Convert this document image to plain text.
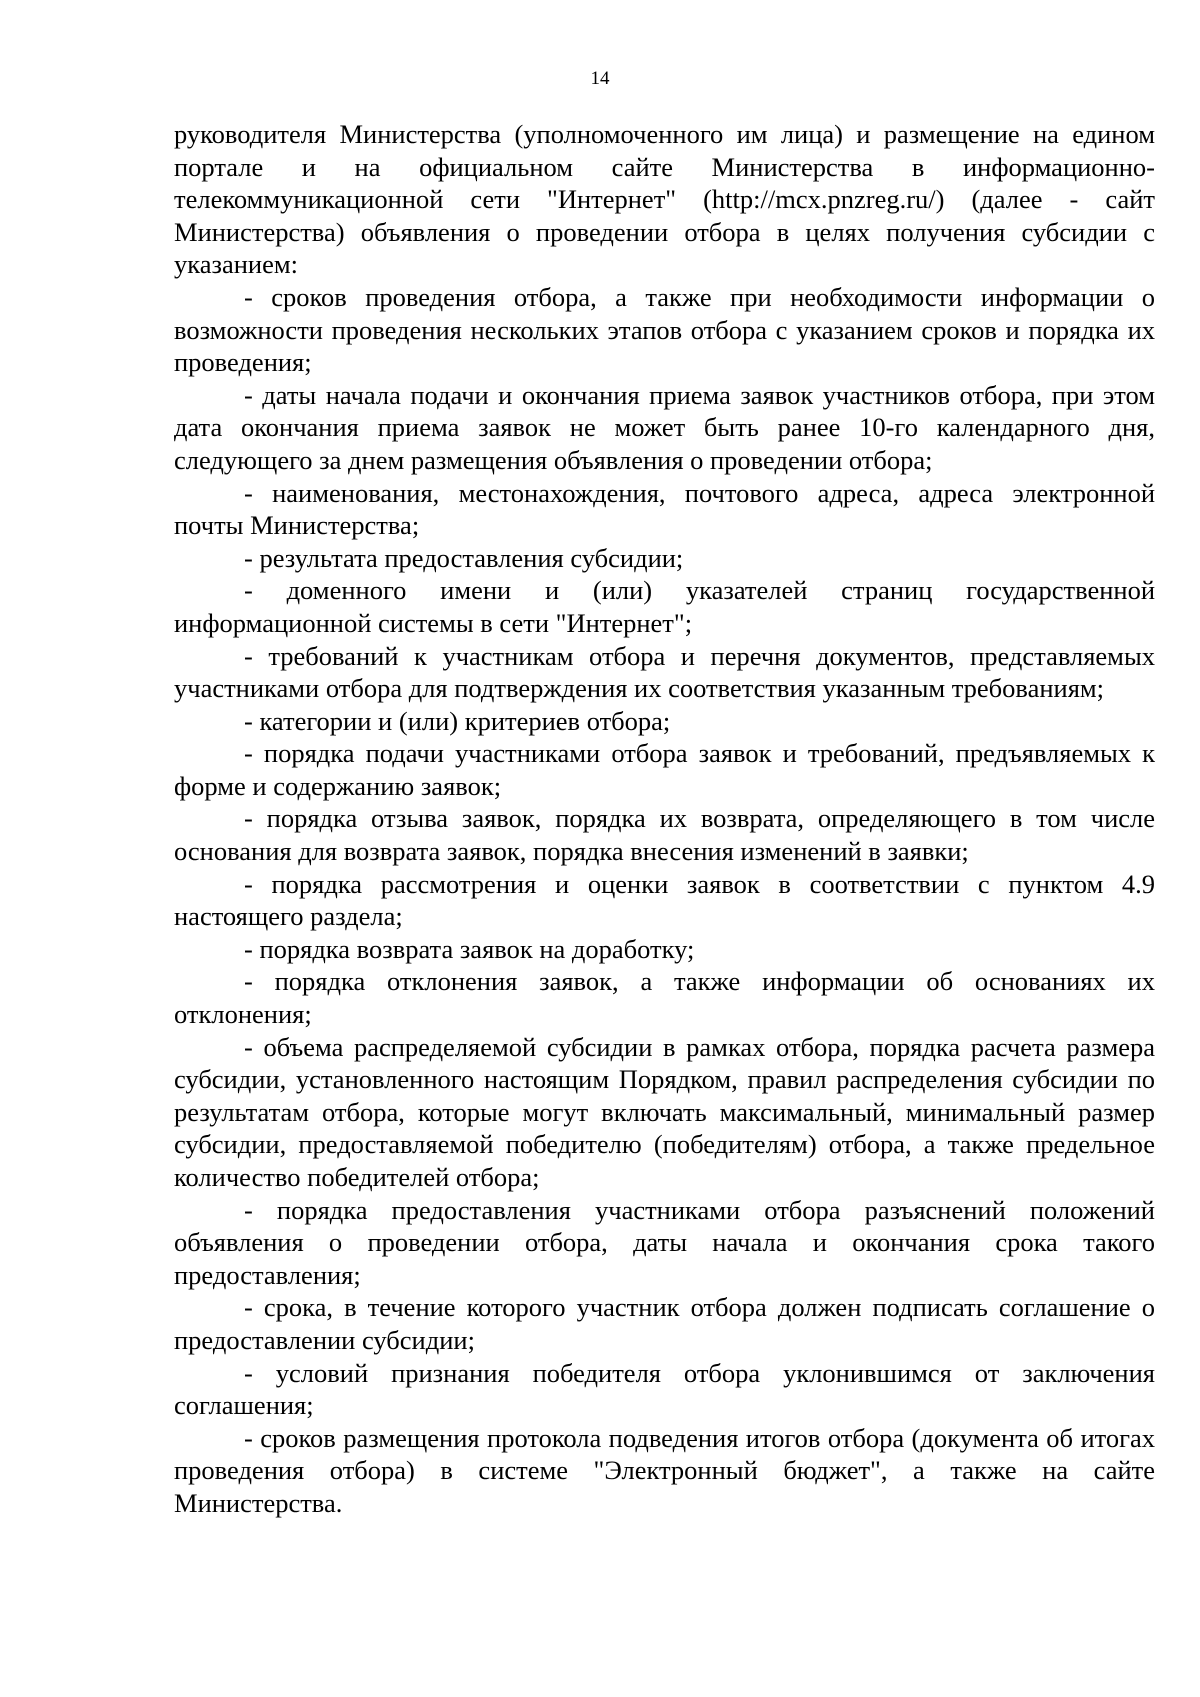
14

руководителя Министерства (уполномоченного им лица) и размещение на едином портале и на официальном сайте Министерства в информационно-телекоммуникационной сети "Интернет" (http://mcx.pnzreg.ru/) (далее - сайт Министерства) объявления о проведении отбора в целях получения субсидии с указанием:

- сроков проведения отбора, а также при необходимости информации о возможности проведения нескольких этапов отбора с указанием сроков и порядка их проведения;

- даты начала подачи и окончания приема заявок участников отбора, при этом дата окончания приема заявок не может быть ранее 10-го календарного дня, следующего за днем размещения объявления о проведении отбора;

- наименования, местонахождения, почтового адреса, адреса электронной почты Министерства;

- результата предоставления субсидии;

- доменного имени и (или) указателей страниц государственной информационной системы в сети "Интернет";

- требований к участникам отбора и перечня документов, представляемых участниками отбора для подтверждения их соответствия указанным требованиям;

- категории и (или) критериев отбора;

- порядка подачи участниками отбора заявок и требований, предъявляемых к форме и содержанию заявок;

- порядка отзыва заявок, порядка их возврата, определяющего в том числе основания для возврата заявок, порядка внесения изменений в заявки;

- порядка рассмотрения и оценки заявок в соответствии с пунктом 4.9 настоящего раздела;

- порядка возврата заявок на доработку;

- порядка отклонения заявок, а также информации об основаниях их отклонения;

- объема распределяемой субсидии в рамках отбора, порядка расчета размера субсидии, установленного настоящим Порядком, правил распределения субсидии по результатам отбора, которые могут включать максимальный, минимальный размер субсидии, предоставляемой победителю (победителям) отбора, а также предельное количество победителей отбора;

- порядка предоставления участниками отбора разъяснений положений объявления о проведении отбора, даты начала и окончания срока такого предоставления;

- срока, в течение которого участник отбора должен подписать соглашение о предоставлении субсидии;

- условий признания победителя отбора уклонившимся от заключения соглашения;

- сроков размещения протокола подведения итогов отбора (документа об итогах проведения отбора) в системе "Электронный бюджет", а также на сайте Министерства.
